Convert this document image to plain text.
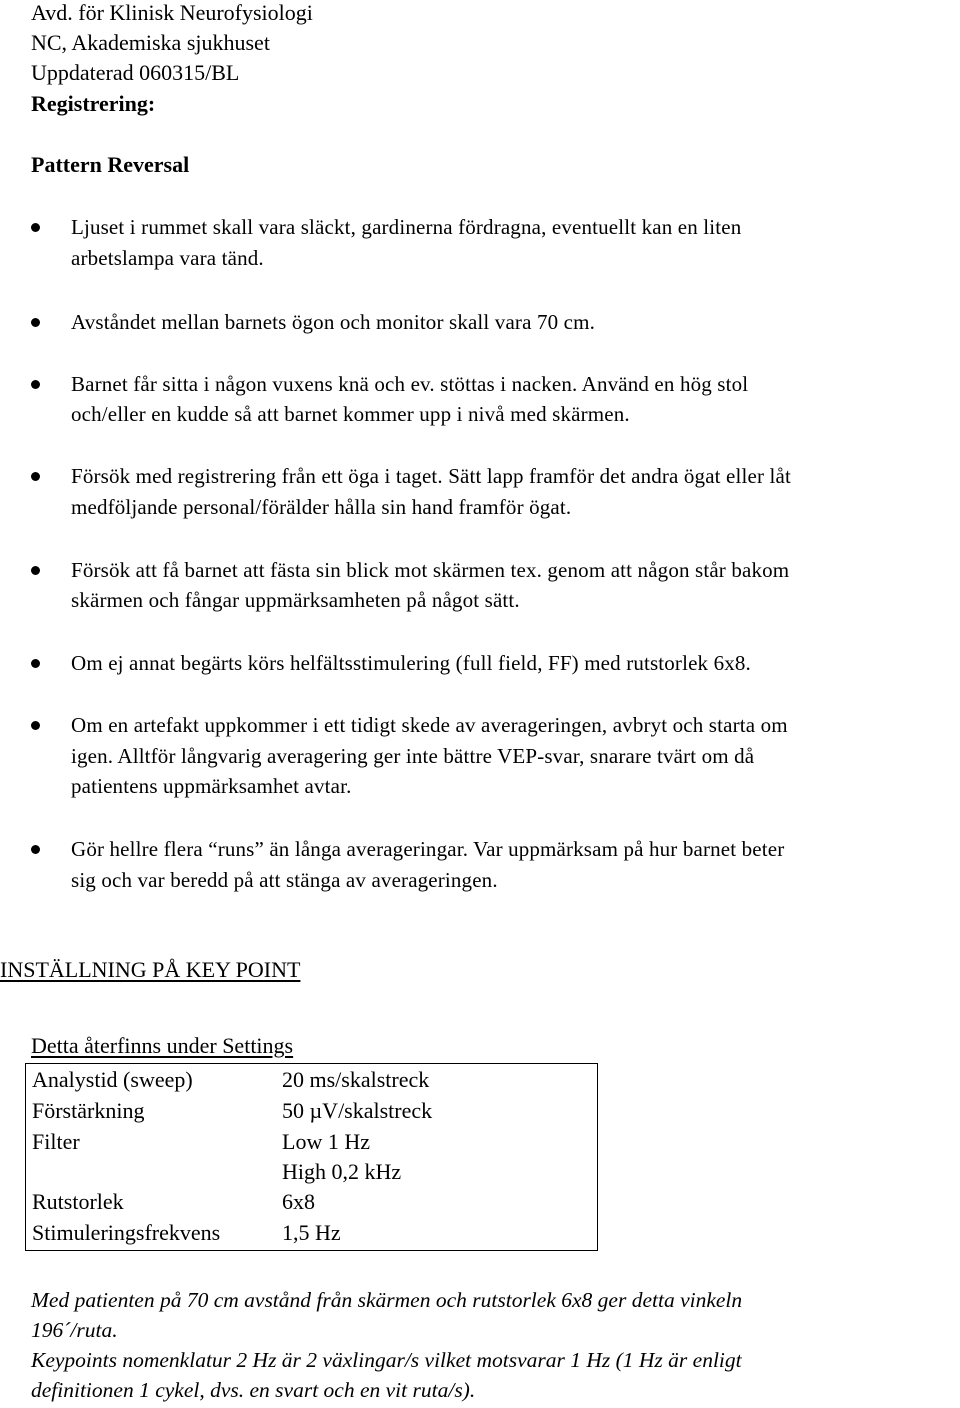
Avd. för Klinisk Neurofysiologi
NC, Akademiska sjukhuset
Uppdaterad 060315/BL
Registrering:
Pattern Reversal
Ljuset i rummet skall vara släckt, gardinerna fördragna, eventuellt kan en liten
arbetslampa vara tänd.
Avståndet mellan barnets ögon och monitor skall vara 70 cm.
Barnet får sitta i någon vuxens knä och ev. stöttas i nacken. Använd en hög stol
och/eller en kudde så att barnet kommer upp i nivå med skärmen.
Försök med registrering från ett öga i taget. Sätt lapp framför det andra ögat eller låt
medföljande personal/förälder hålla sin hand framför ögat.
Försök att få barnet att fästa sin blick mot skärmen tex. genom att någon står bakom
skärmen och fångar uppmärksamheten på något sätt.
Om ej annat begärts körs helfältsstimulering (full field, FF) med rutstorlek 6x8.
Om en artefakt uppkommer i ett tidigt skede av averageringen, avbryt och starta om
igen. Alltför långvarig averagering ger inte bättre VEP-svar, snarare tvärt om då
patientens uppmärksamhet avtar.
Gör hellre flera “runs” än långa averageringar. Var uppmärksam på hur barnet beter
sig och var beredd på att stänga av averageringen.
INSTÄLLNING PÅ KEY POINT
Detta återfinns under Settings
Analystid (sweep)	20 ms/skalstreck
Förstärkning	50 µV/skalstreck
Filter	Low 1 Hz
High 0,2 kHz
Rutstorlek	6x8
Stimuleringsfrekvens	1,5 Hz
Med patienten på 70 cm avstånd från skärmen och rutstorlek 6x8 ger detta vinkeln
196´/ruta.
Keypoints nomenklatur 2 Hz är 2 växlingar/s vilket motsvarar 1 Hz (1 Hz är enligt
definitionen 1 cykel, dvs. en svart och en vit ruta/s).
